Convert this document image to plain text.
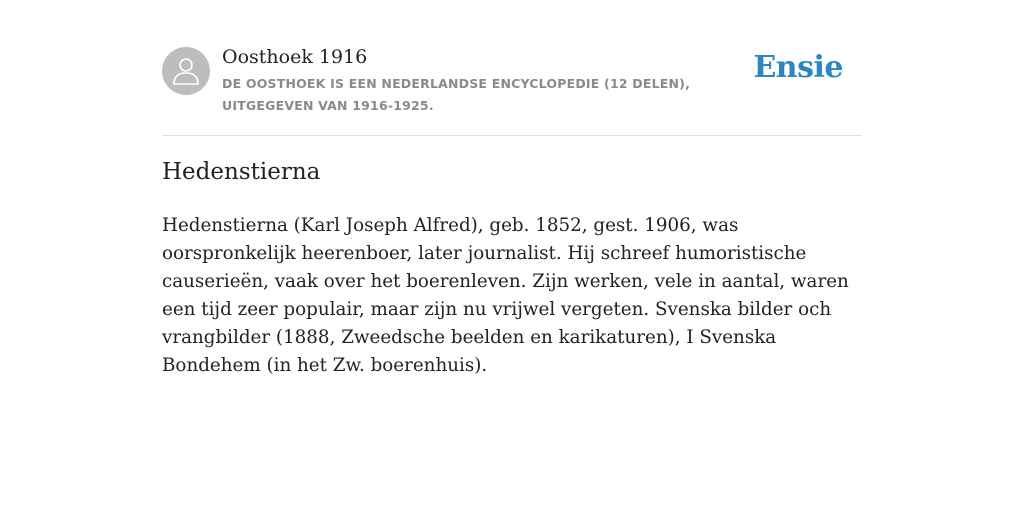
Oosthoek 1916
DE OOSTHOEK IS EEN NEDERLANDSE ENCYCLOPEDIE (12 DELEN), UITGEGEVEN VAN 1916-1925.
Ensie
Hedenstierna

Hedenstierna (Karl Joseph Alfred), geb. 1852, gest. 1906, was oorspronkelijk heerenboer, later journalist. Hij schreef humoristische causerieën, vaak over het boerenleven. Zijn werken, vele in aantal, waren een tijd zeer populair, maar zijn nu vrijwel vergeten. Svenska bilder och vrangbilder (1888, Zweedsche beelden en karikaturen), I Svenska Bondehem (in het Zw. boerenhuis).
